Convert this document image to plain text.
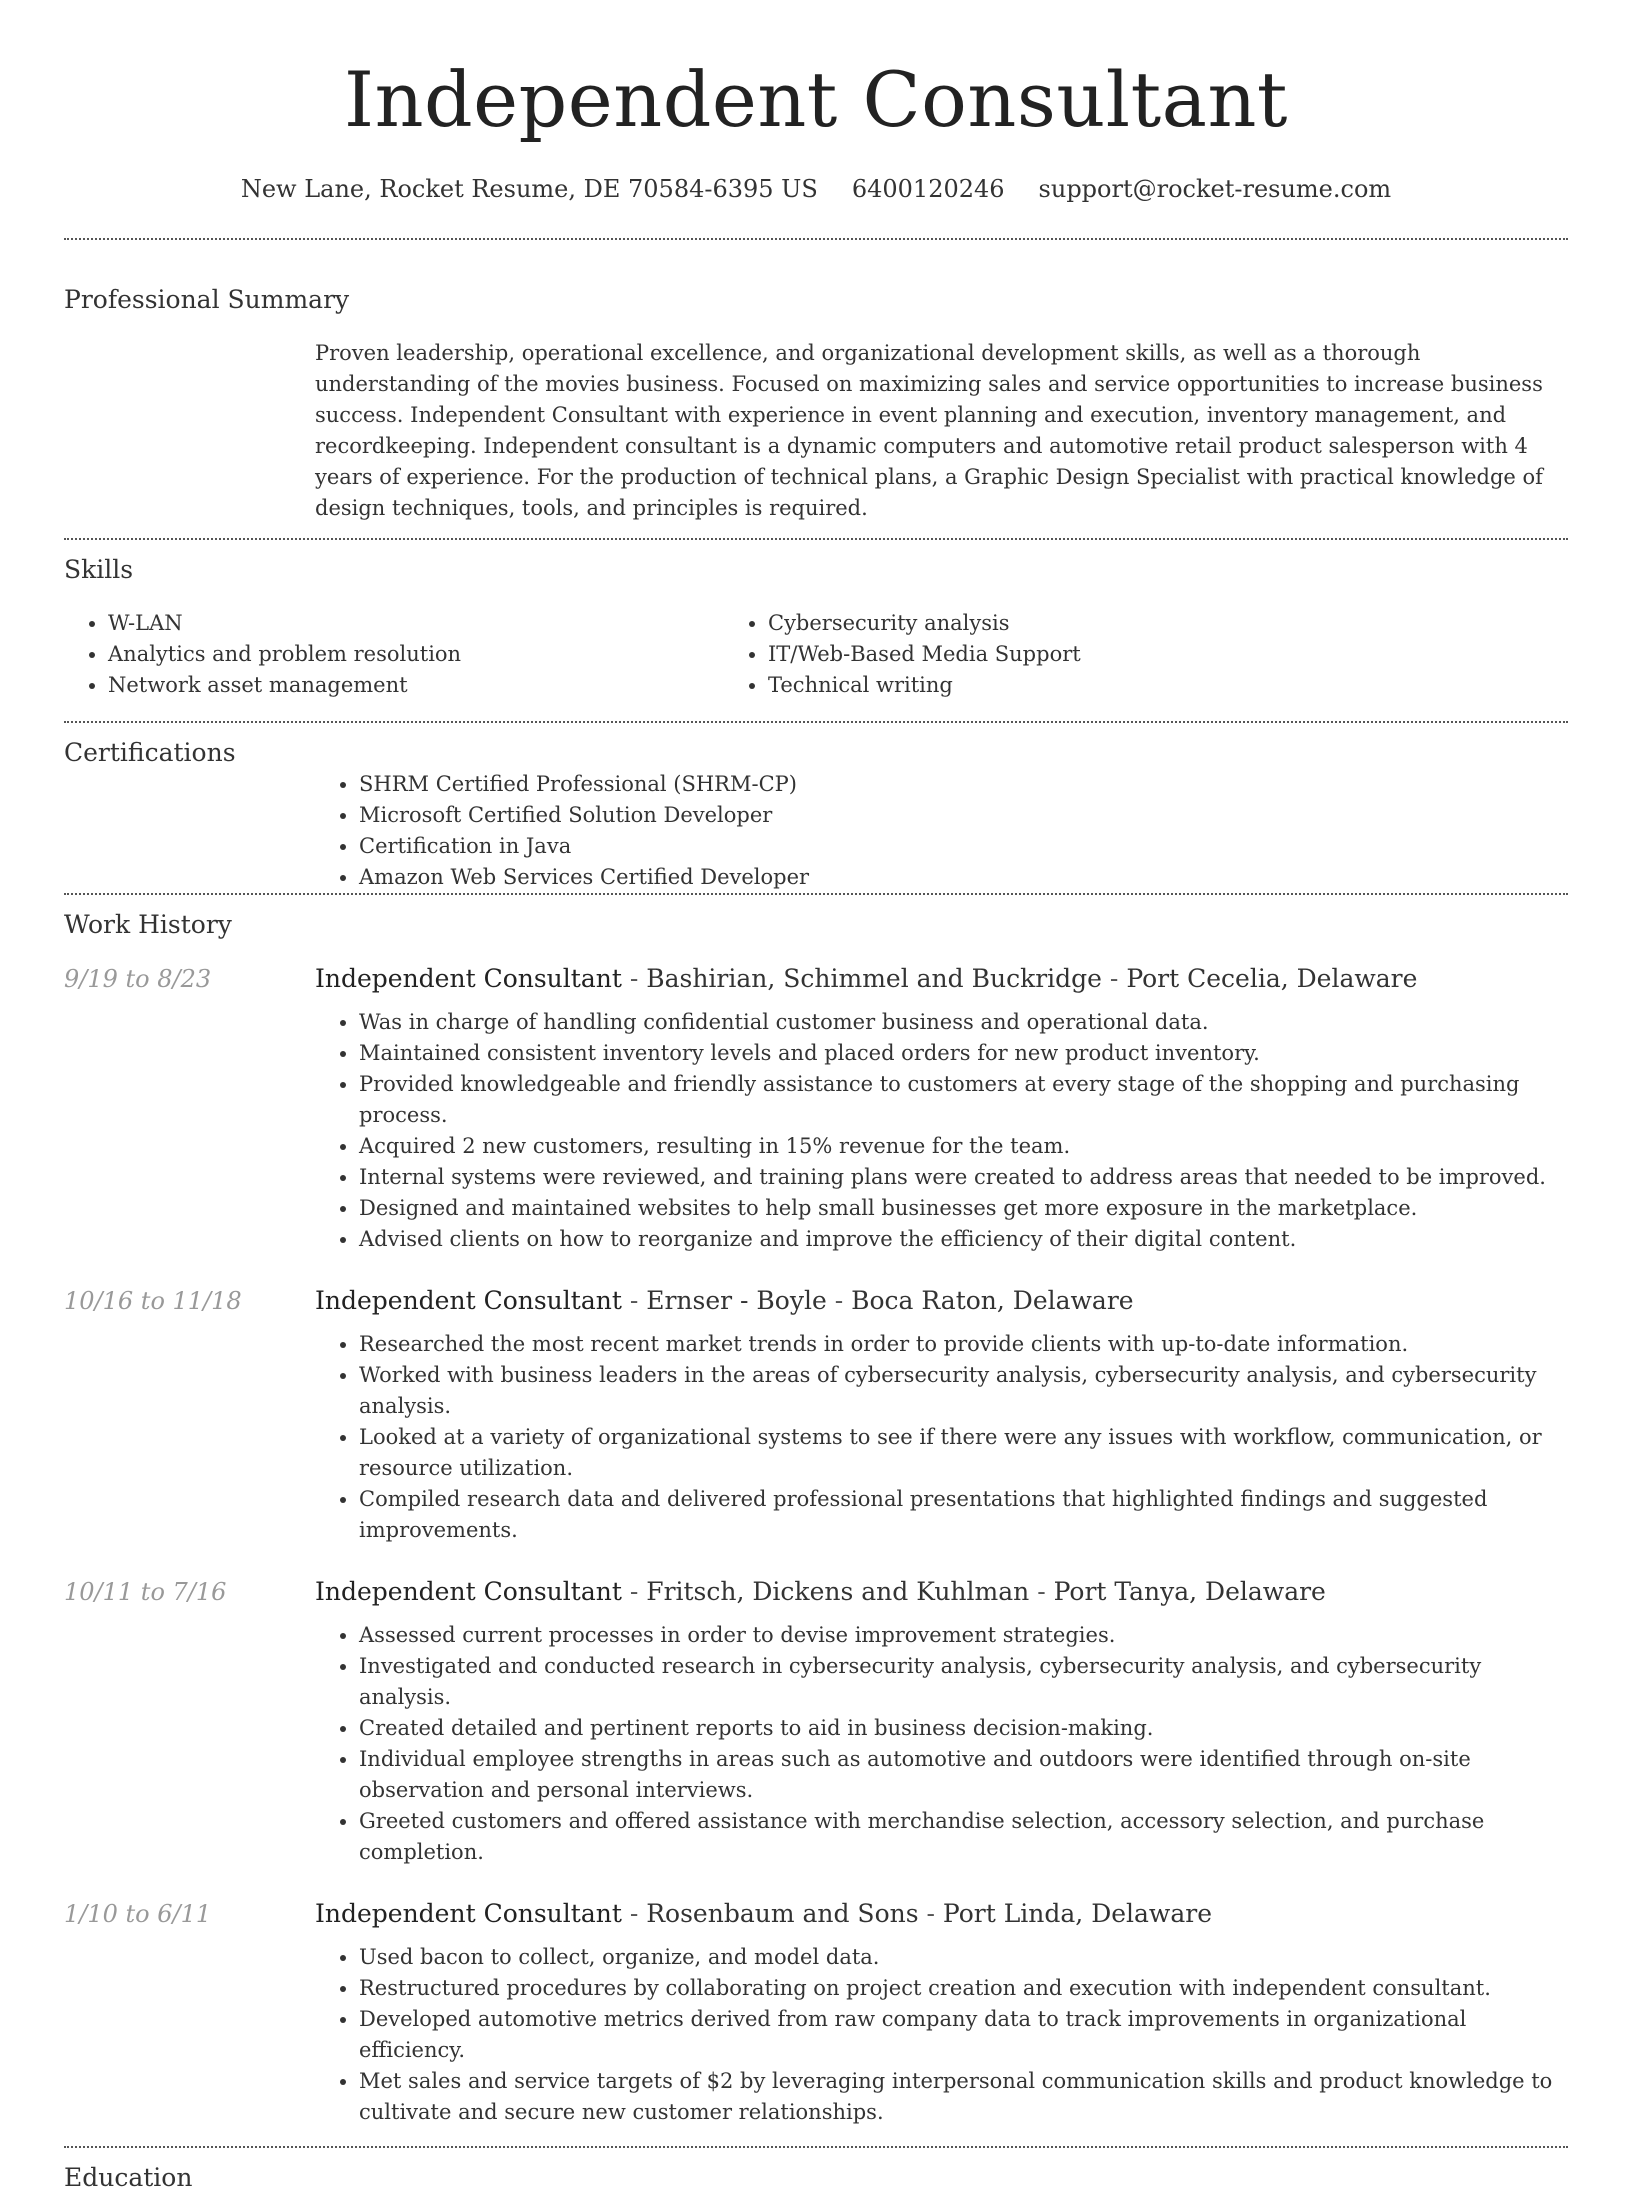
Independent Consultant
New Lane, Rocket Resume, DE 70584-6395 US 6400120246 support@rocket-resume.com
Professional Summary

Proven leadership, operational excellence, and organizational development skills, as well as a thorough understanding of the movies business. Focused on maximizing sales and service opportunities to increase business success. Independent Consultant with experience in event planning and execution, inventory management, and recordkeeping. Independent consultant is a dynamic computers and automotive retail product salesperson with 4 years of experience. For the production of technical plans, a Graphic Design Specialist with practical knowledge of design techniques, tools, and principles is required.

Skills
• W-LAN
• Analytics and problem resolution
• Network asset management
• Cybersecurity analysis
• IT/Web-Based Media Support
• Technical writing
Certifications
• SHRM Certified Professional (SHRM-CP)
• Microsoft Certified Solution Developer
• Certification in Java
• Amazon Web Services Certified Developer
Work History
9/19 to 8/23	Independent Consultant - Bashirian, Schimmel and Buckridge - Port Cecelia, Delaware
• Was in charge of handling confidential customer business and operational data.
• Maintained consistent inventory levels and placed orders for new product inventory.
• Provided knowledgeable and friendly assistance to customers at every stage of the shopping and purchasing process.
• Acquired 2 new customers, resulting in 15% revenue for the team.
• Internal systems were reviewed, and training plans were created to address areas that needed to be improved.
• Designed and maintained websites to help small businesses get more exposure in the marketplace.
• Advised clients on how to reorganize and improve the efficiency of their digital content.
10/16 to 11/18	Independent Consultant - Ernser - Boyle - Boca Raton, Delaware
• Researched the most recent market trends in order to provide clients with up-to-date information.
• Worked with business leaders in the areas of cybersecurity analysis, cybersecurity analysis, and cybersecurity analysis.
• Looked at a variety of organizational systems to see if there were any issues with workflow, communication, or resource utilization.
• Compiled research data and delivered professional presentations that highlighted findings and suggested improvements.
10/11 to 7/16	Independent Consultant - Fritsch, Dickens and Kuhlman - Port Tanya, Delaware
• Assessed current processes in order to devise improvement strategies.
• Investigated and conducted research in cybersecurity analysis, cybersecurity analysis, and cybersecurity analysis.
• Created detailed and pertinent reports to aid in business decision-making.
• Individual employee strengths in areas such as automotive and outdoors were identified through on-site observation and personal interviews.
• Greeted customers and offered assistance with merchandise selection, accessory selection, and purchase completion.
1/10 to 6/11	Independent Consultant - Rosenbaum and Sons - Port Linda, Delaware
• Used bacon to collect, organize, and model data.
• Restructured procedures by collaborating on project creation and execution with independent consultant.
• Developed automotive metrics derived from raw company data to track improvements in organizational efficiency.
• Met sales and service targets of $2 by leveraging interpersonal communication skills and product knowledge to cultivate and secure new customer relationships.
Education
